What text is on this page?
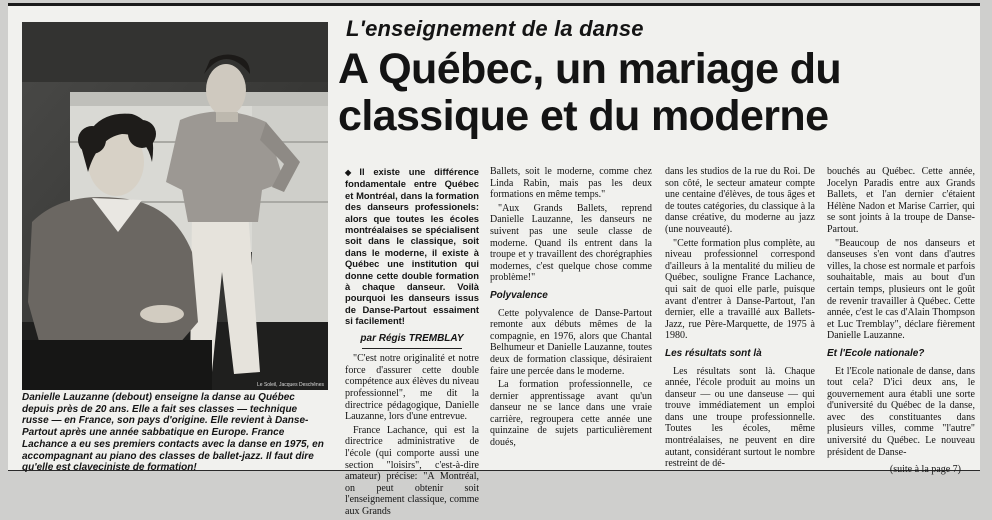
Le Soleil, Jacques Deschênes
Danielle Lauzanne (debout) enseigne la danse au Québec depuis près de 20 ans. Elle a fait ses classes — technique russe — en France, son pays d'origine. Elle revient à Danse-Partout après une année sabbatique en Europe. France Lachance a eu ses premiers contacts avec la danse en 1975, en accompagnant au piano des classes de ballet-jazz. Il faut dire qu'elle est claveciniste de formation!
L'enseignement de la danse
A Québec, un mariage du classique et du moderne

◆ Il existe une différence fondamentale entre Québec et Montréal, dans la formation des danseurs professionels: alors que toutes les écoles montréalaises se spécialisent soit dans le classique, soit dans le moderne, il existe à Québec une institution qui donne cette double formation à chaque danseur. Voilà pourquoi les danseurs issus de Danse-Partout essaiment si facilement!

par Régis TREMBLAY

"C'est notre originalité et notre force d'assurer cette double compétence aux élèves du niveau professionnel", me dit la directrice pédagogique, Danielle Lauzanne, lors d'une entrevue.

France Lachance, qui est la directrice administrative de l'école (qui comporte aussi une section "loisirs", c'est-à-dire amateur) précise: "A Montréal, on peut obtenir soit l'enseignement classique, comme aux Grands

Ballets, soit le moderne, comme chez Linda Rabin, mais pas les deux formations en même temps."

"Aux Grands Ballets, reprend Danielle Lauzanne, les danseurs ne suivent pas une seule classe de moderne. Quand ils entrent dans la troupe et y travaillent des chorégraphies modernes, c'est quelque chose comme problème!"

Polyvalence

Cette polyvalence de Danse-Partout remonte aux débuts mêmes de la compagnie, en 1976, alors que Chantal Belhumeur et Danielle Lauzanne, toutes deux de formation classique, désiraient faire une percée dans le moderne.

La formation professionnelle, ce dernier apprentissage avant qu'un danseur ne se lance dans une vraie carrière, regroupera cette année une quinzaine de sujets particulièrement doués,

dans les studios de la rue du Roi. De son côté, le secteur amateur compte une centaine d'élèves, de tous âges et de toutes catégories, du classique à la danse créative, du moderne au jazz (une nouveauté).

"Cette formation plus complète, au niveau professionnel correspond d'ailleurs à la mentalité du milieu de Québec, souligne France Lachance, qui sait de quoi elle parle, puisque avant d'entrer à Danse-Partout, l'an dernier, elle a travaillé aux Ballets-Jazz, rue Père-Marquette, de 1975 à 1980.

Les résultats sont là

Les résultats sont là. Chaque année, l'école produit au moins un danseur — ou une danseuse — qui trouve immédiatement un emploi dans une troupe professionnelle. Toutes les écoles, même montréalaises, ne peuvent en dire autant, considérant surtout le nombre restreint de dé-

bouchés au Québec. Cette année, Jocelyn Paradis entre aux Grands Ballets, et l'an dernier c'étaient Hélène Nadon et Marise Carrier, qui se sont joints à la troupe de Danse-Partout.

"Beaucoup de nos danseurs et danseuses s'en vont dans d'autres villes, la chose est normale et parfois souhaitable, mais au bout d'un certain temps, plusieurs ont le goût de revenir travailler à Québec. Cette année, c'est le cas d'Alain Thompson et Luc Tremblay", déclare fièrement Danielle Lauzanne.

Et l'Ecole nationale?

Et l'Ecole nationale de danse, dans tout cela? D'ici deux ans, le gouvernement aura établi une sorte d'université du Québec de la danse, avec des constituantes dans plusieurs villes, comme "l'autre" université du Québec. Le nouveau président de Danse-

(suite à la page 7)
